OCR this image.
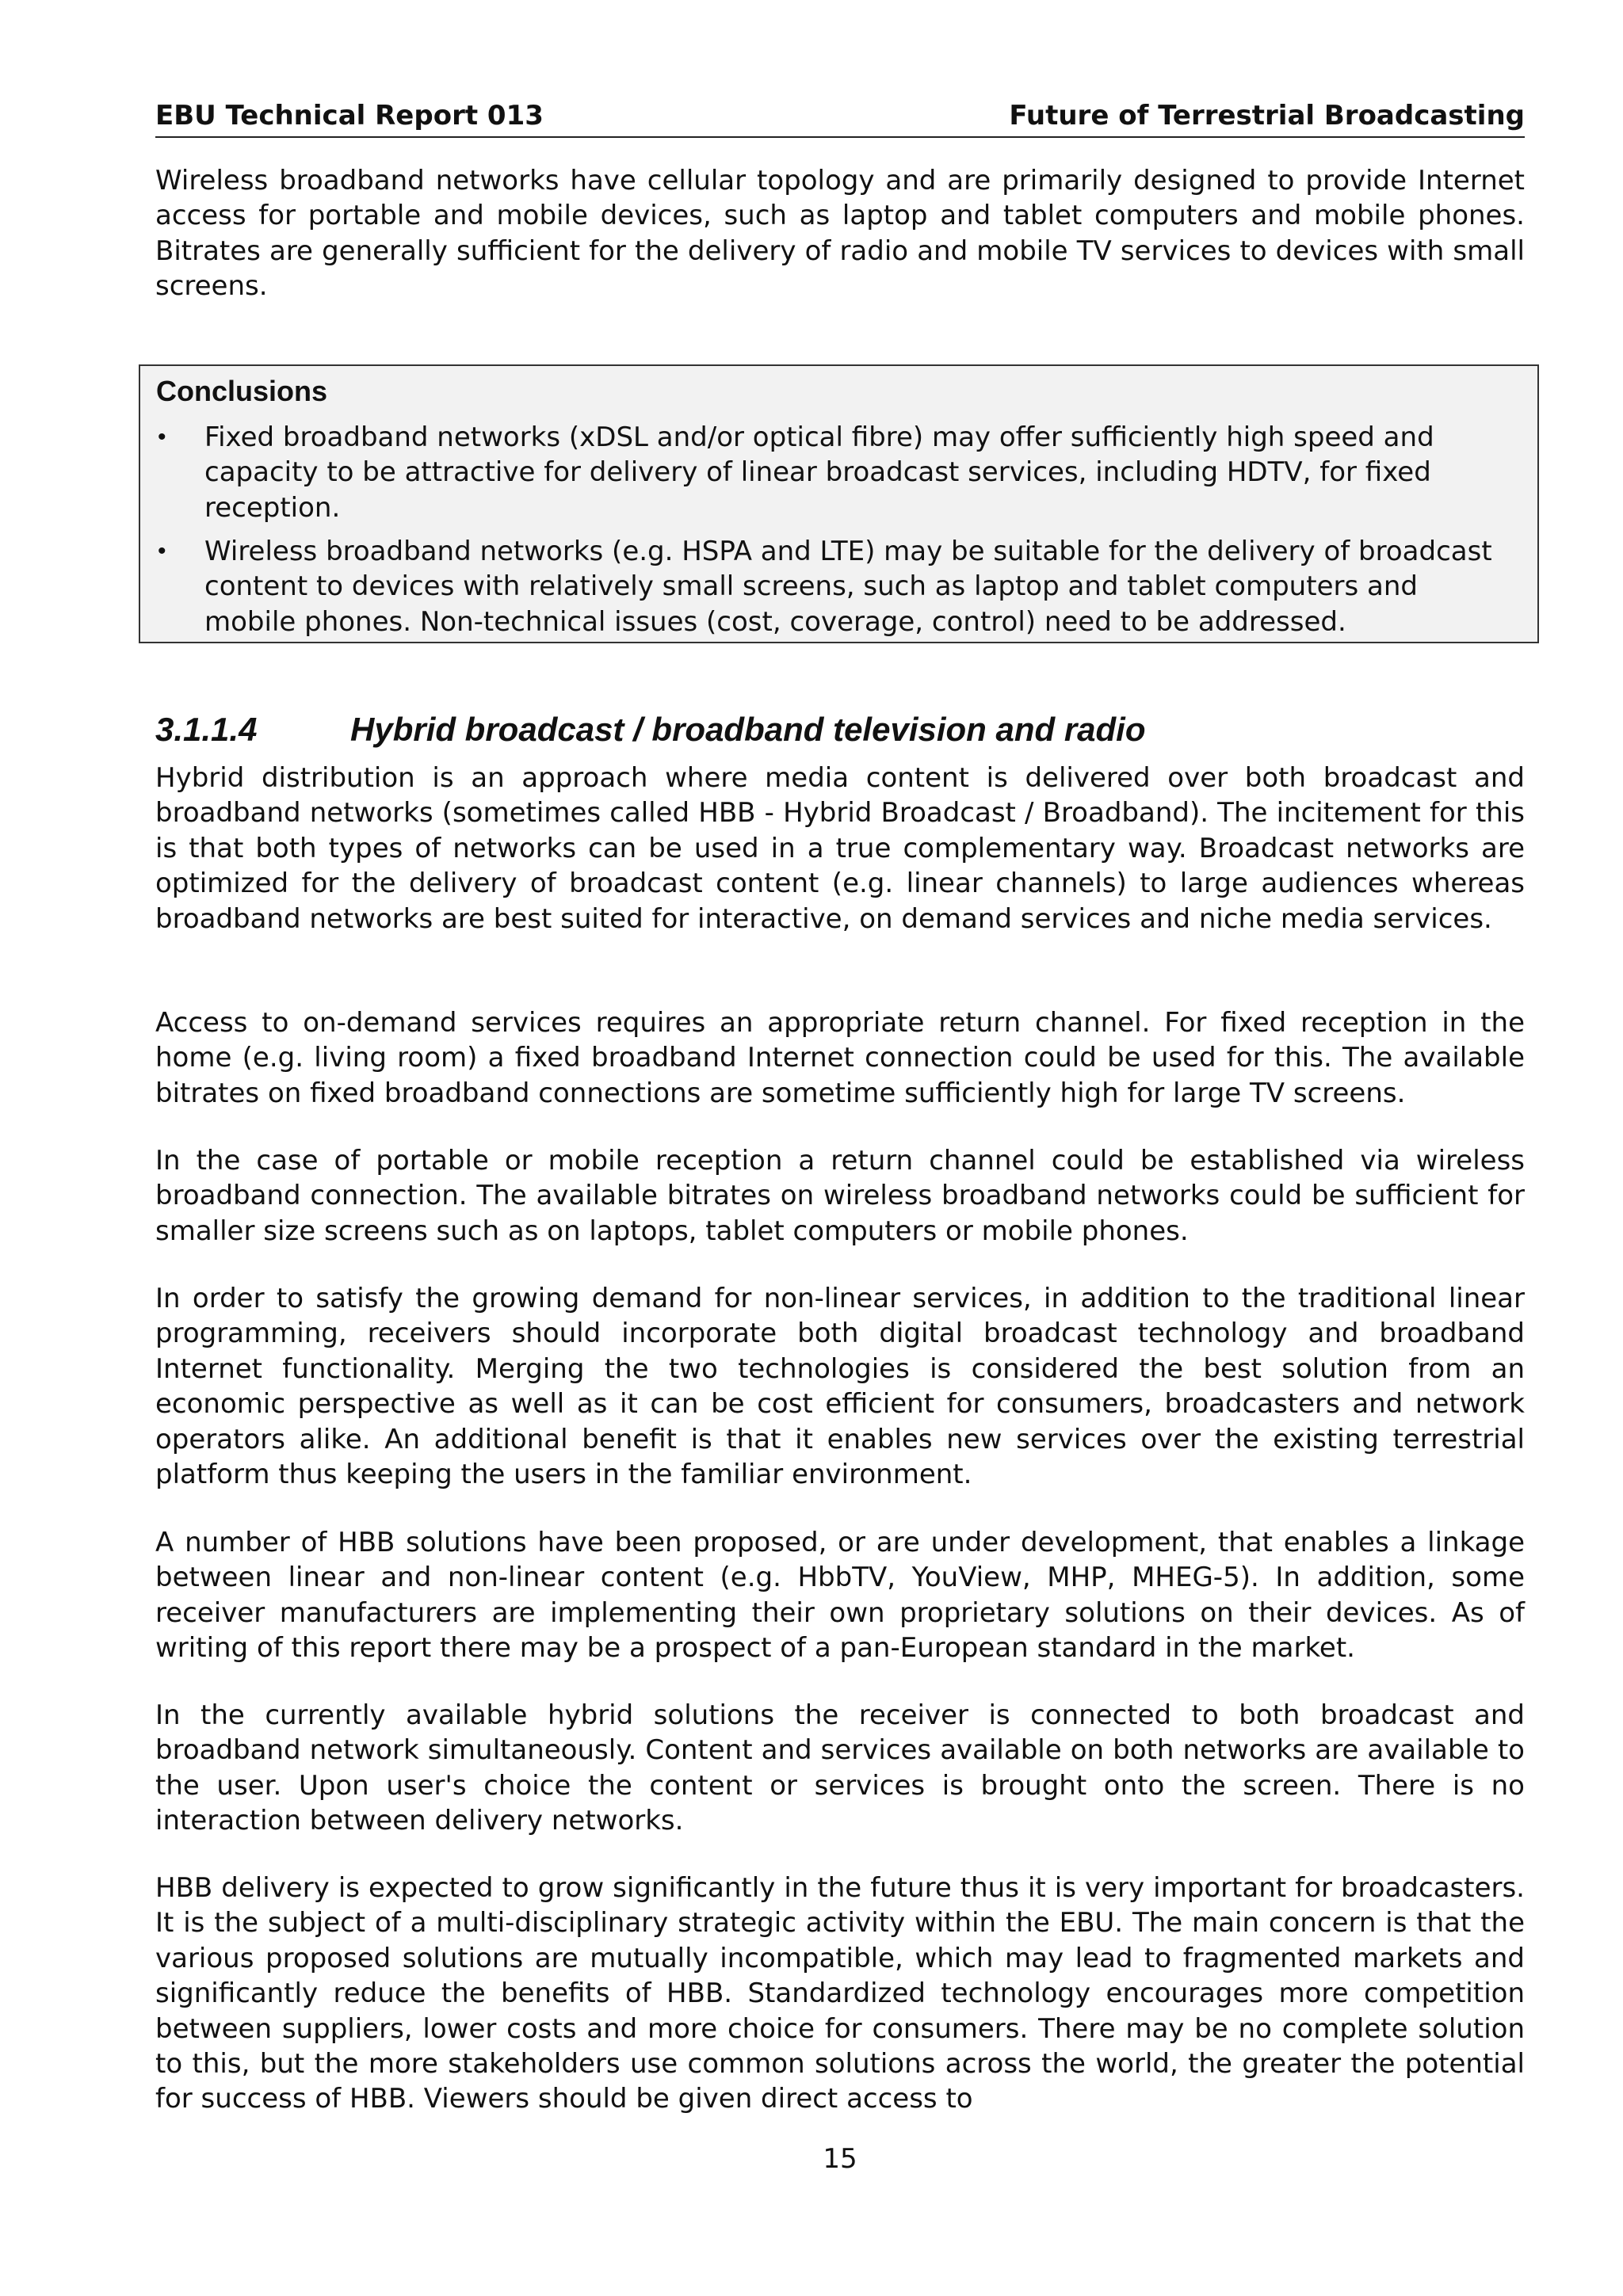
EBU Technical Report 013	Future of Terrestrial Broadcasting

Wireless broadband networks have cellular topology and are primarily designed to provide Internet access for portable and mobile devices, such as laptop and tablet computers and mobile phones. Bitrates are generally sufficient for the delivery of radio and mobile TV services to devices with small screens.

Conclusions
• Fixed broadband networks (xDSL and/or optical fibre) may offer sufficiently high speed and capacity to be attractive for delivery of linear broadcast services, including HDTV, for fixed reception.

• Wireless broadband networks (e.g. HSPA and LTE) may be suitable for the delivery of broadcast content to devices with relatively small screens, such as laptop and tablet computers and mobile phones. Non-technical issues (cost, coverage, control) need to be addressed.

3.1.1.4	Hybrid broadcast / broadband television and radio

Hybrid distribution is an approach where media content is delivered over both broadcast and broadband networks (sometimes called HBB - Hybrid Broadcast / Broadband). The incitement for this is that both types of networks can be used in a true complementary way. Broadcast networks are optimized for the delivery of broadcast content (e.g. linear channels) to large audiences whereas broadband networks are best suited for interactive, on demand services and niche media services.

Access to on-demand services requires an appropriate return channel. For fixed reception in the home (e.g. living room) a fixed broadband Internet connection could be used for this. The available bitrates on fixed broadband connections are sometime sufficiently high for large TV screens.

In the case of portable or mobile reception a return channel could be established via wireless broadband connection. The available bitrates on wireless broadband networks could be sufficient for smaller size screens such as on laptops, tablet computers or mobile phones.

In order to satisfy the growing demand for non-linear services, in addition to the traditional linear programming, receivers should incorporate both digital broadcast technology and broadband Internet functionality. Merging the two technologies is considered the best solution from an economic perspective as well as it can be cost efficient for consumers, broadcasters and network operators alike. An additional benefit is that it enables new services over the existing terrestrial platform thus keeping the users in the familiar environment.

A number of HBB solutions have been proposed, or are under development, that enables a linkage between linear and non-linear content (e.g. HbbTV, YouView, MHP, MHEG-5). In addition, some receiver manufacturers are implementing their own proprietary solutions on their devices. As of writing of this report there may be a prospect of a pan-European standard in the market.

In the currently available hybrid solutions the receiver is connected to both broadcast and broadband network simultaneously. Content and services available on both networks are available to the user. Upon user's choice the content or services is brought onto the screen. There is no interaction between delivery networks.

HBB delivery is expected to grow significantly in the future thus it is very important for broadcasters. It is the subject of a multi-disciplinary strategic activity within the EBU. The main concern is that the various proposed solutions are mutually incompatible, which may lead to fragmented markets and significantly reduce the benefits of HBB. Standardized technology encourages more competition between suppliers, lower costs and more choice for consumers. There may be no complete solution to this, but the more stakeholders use common solutions across the world, the greater the potential for success of HBB. Viewers should be given direct access to

15
